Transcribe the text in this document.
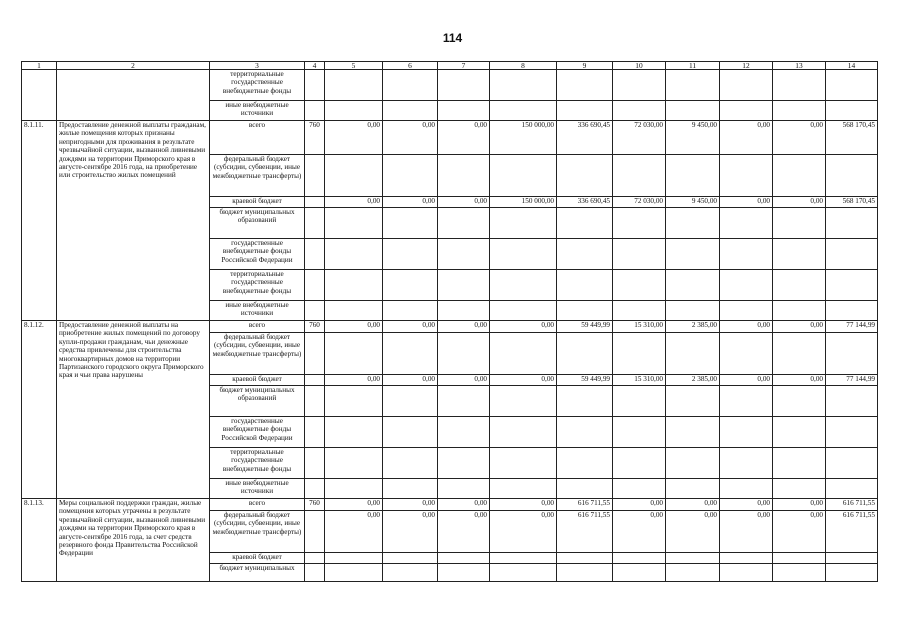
114
1	2	3	4	5	6	7	8	9	10	11	12	13	14
		территориальные государственные внебюджетные фонды											
		иные внебюджетные источники											
8.1.11.	Предоставление денежной выплаты гражданам, жилые помещения которых признаны непригодными для проживания в результате чрезвычайной ситуации, вызванной ливневыми дождями на территории Приморского края в августе-сентябре 2016 года, на приобретение или строительство жилых помещений	всего	760	0,00	0,00	0,00	150 000,00	336 690,45	72 030,00	9 450,00	0,00	0,00	568 170,45
		федеральный бюджет (субсидии, субвенции, иные межбюджетные трансферты)											
		краевой бюджет		0,00	0,00	0,00	150 000,00	336 690,45	72 030,00	9 450,00	0,00	0,00	568 170,45
		бюджет муниципальных образований											
		государственные внебюджетные фонды Российской Федерации											
		территориальные государственные внебюджетные фонды											
		иные внебюджетные источники											
8.1.12.	Предоставление денежной выплаты на приобретение жилых помещений по договору купли-продажи гражданам, чьи денежные средства привлечены для строительства многоквартирных домов на территории Партизанского городского округа Приморского края и чьи права нарушены	всего	760	0,00	0,00	0,00	0,00	59 449,99	15 310,00	2 385,00	0,00	0,00	77 144,99
		федеральный бюджет (субсидии, субвенции, иные межбюджетные трансферты)											
		краевой бюджет		0,00	0,00	0,00	0,00	59 449,99	15 310,00	2 385,00	0,00	0,00	77 144,99
		бюджет муниципальных образований											
		государственные внебюджетные фонды Российской Федерации											
		территориальные государственные внебюджетные фонды											
		иные внебюджетные источники											
8.1.13.	Меры социальной поддержки граждан, жилые помещения которых утрачены в результате чрезвычайной ситуации, вызванной ливневыми дождями на территории Приморского края в августе-сентябре 2016 года, за счет средств резервного фонда Правительства Российской Федерации	всего	760	0,00	0,00	0,00	0,00	616 711,55	0,00	0,00	0,00	0,00	616 711,55
		федеральный бюджет (субсидии, субвенции, иные межбюджетные трансферты)		0,00	0,00	0,00	0,00	616 711,55	0,00	0,00	0,00	0,00	616 711,55
		краевой бюджет											
		бюджет муниципальных											
